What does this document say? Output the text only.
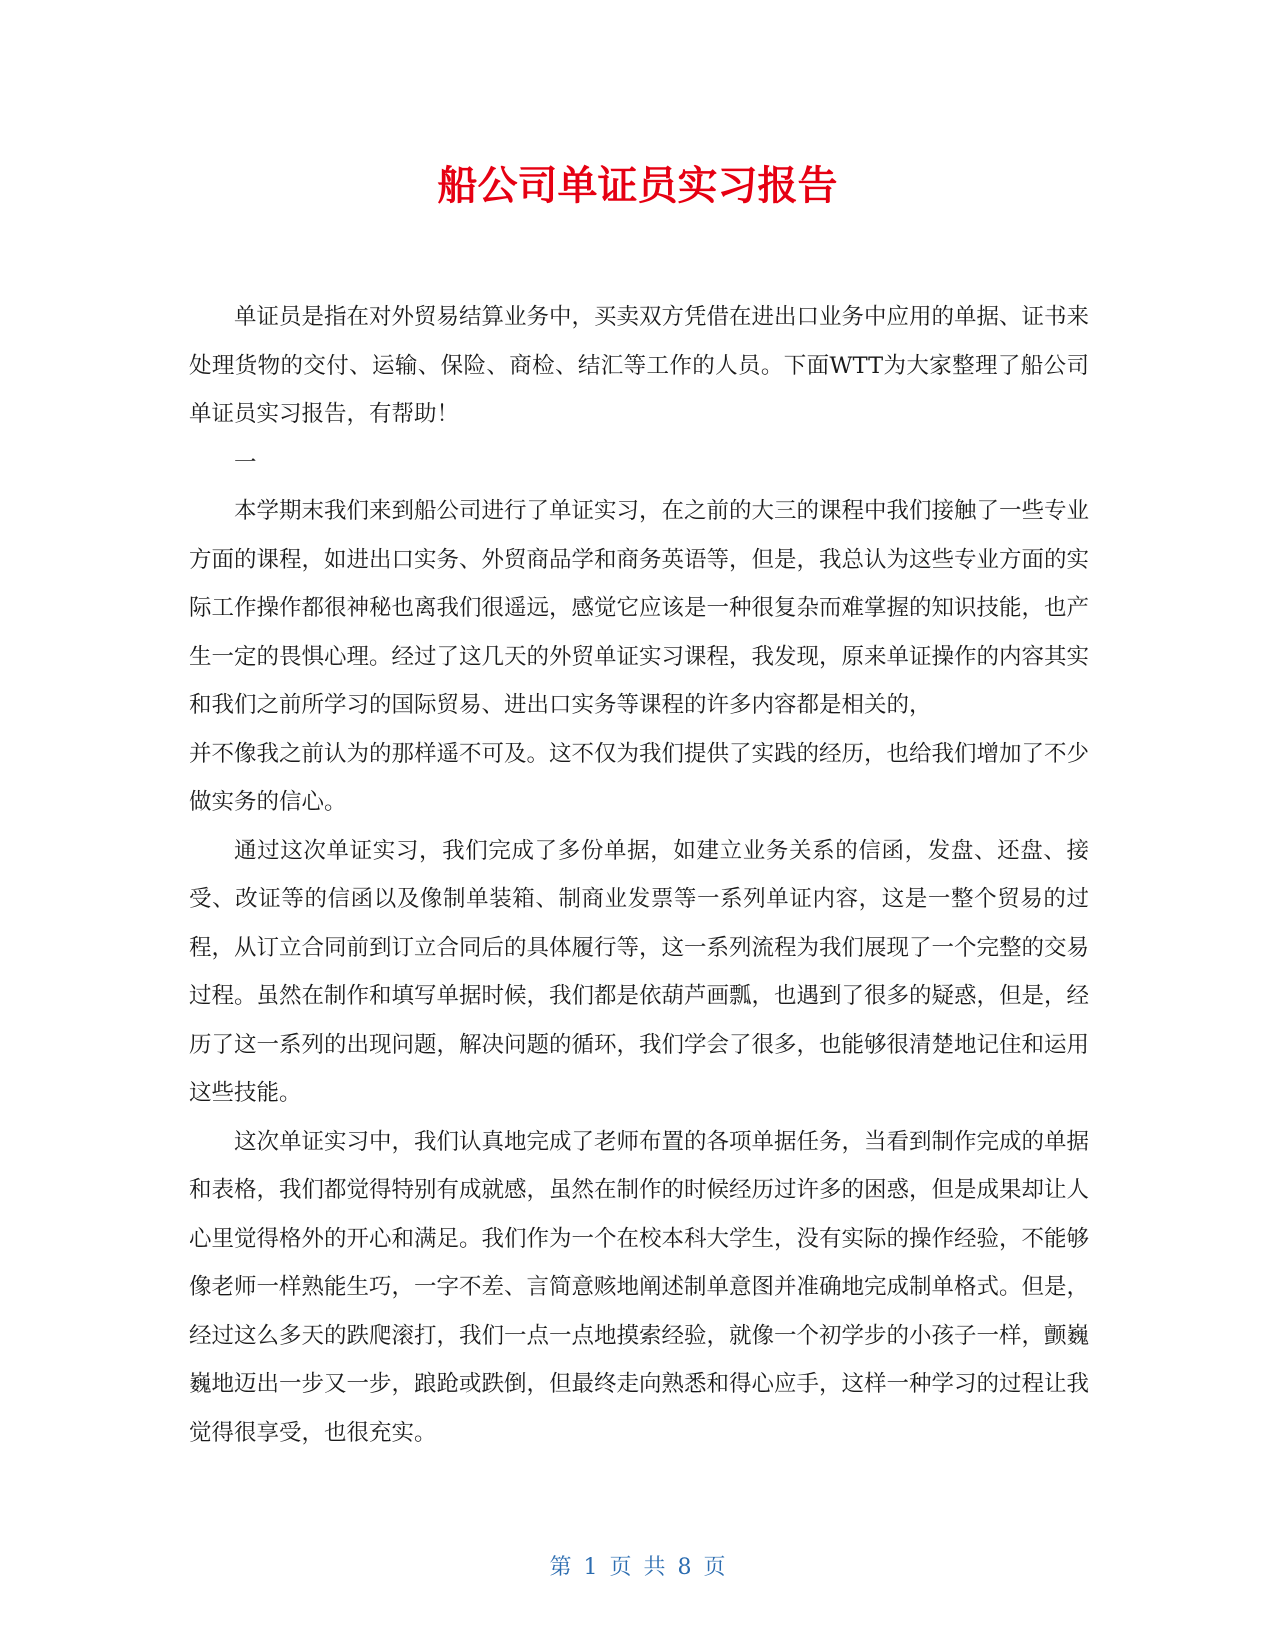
船公司单证员实习报告

单证员是指在对外贸易结算业务中，买卖双方凭借在进出口业务中应用的单据、证书来处理货物的交付、运输、保险、商检、结汇等工作的人员。下面WTT为大家整理了船公司单证员实习报告，有帮助！

一

本学期末我们来到船公司进行了单证实习，在之前的大三的课程中我们接触了一些专业方面的课程，如进出口实务、外贸商品学和商务英语等，但是，我总认为这些专业方面的实际工作操作都很神秘也离我们很遥远，感觉它应该是一种很复杂而难掌握的知识技能，也产生一定的畏惧心理。经过了这几天的外贸单证实习课程，我发现，原来单证操作的内容其实和我们之前所学习的国际贸易、进出口实务等课程的许多内容都是相关的，

并不像我之前认为的那样遥不可及。这不仅为我们提供了实践的经历，也给我们增加了不少做实务的信心。

通过这次单证实习，我们完成了多份单据，如建立业务关系的信函，发盘、还盘、接受、改证等的信函以及像制单装箱、制商业发票等一系列单证内容，这是一整个贸易的过程，从订立合同前到订立合同后的具体履行等，这一系列流程为我们展现了一个完整的交易过程。虽然在制作和填写单据时候，我们都是依葫芦画瓢，也遇到了很多的疑惑，但是，经历了这一系列的出现问题，解决问题的循环，我们学会了很多，也能够很清楚地记住和运用这些技能。

这次单证实习中，我们认真地完成了老师布置的各项单据任务，当看到制作完成的单据和表格，我们都觉得特别有成就感，虽然在制作的时候经历过许多的困惑，但是成果却让人心里觉得格外的开心和满足。我们作为一个在校本科大学生，没有实际的操作经验，不能够像老师一样熟能生巧，一字不差、言简意赅地阐述制单意图并准确地完成制单格式。但是，经过这么多天的跌爬滚打，我们一点一点地摸索经验，就像一个初学步的小孩子一样，颤巍巍地迈出一步又一步，踉跄或跌倒，但最终走向熟悉和得心应手，这样一种学习的过程让我觉得很享受，也很充实。

第 1 页 共 8 页
